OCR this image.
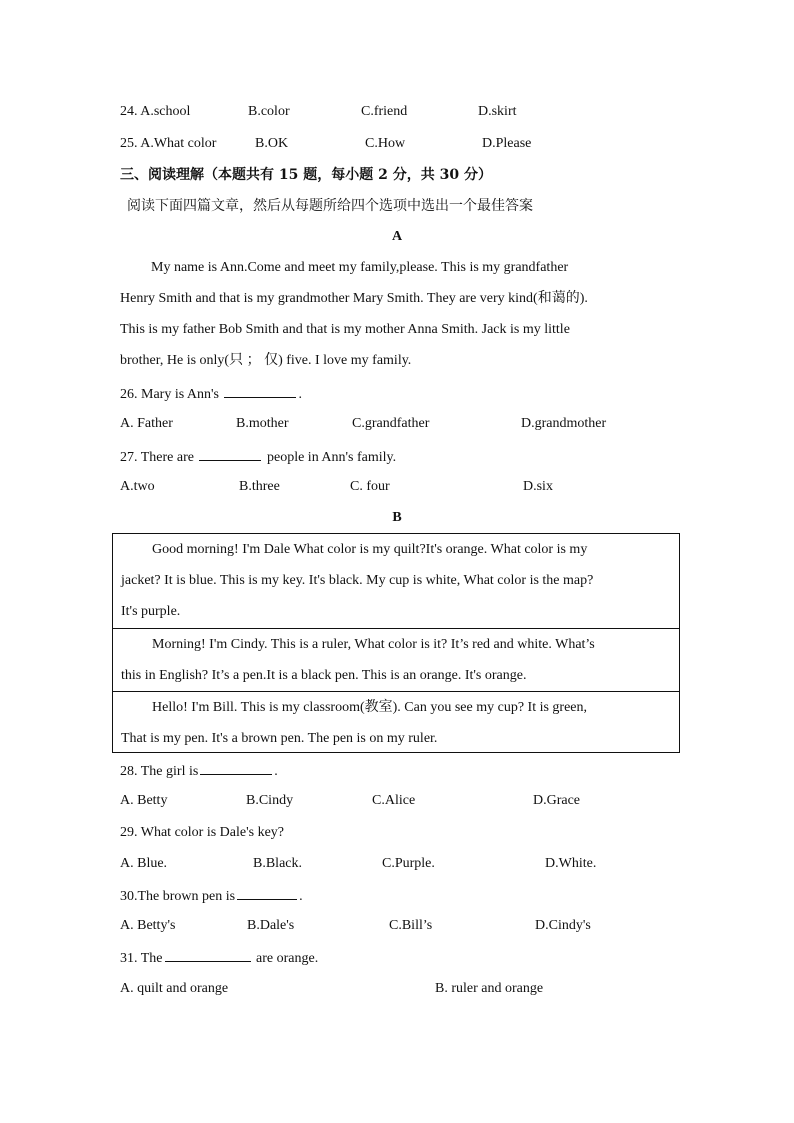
24. A.school	B.color	C.friend	D.skirt
25. A.What color	B.OK	C.How	D.Please
三、阅读理解（本题共有 15 题，每小题 2 分，共 30 分）
阅读下面四篇文章，然后从每题所给四个选项中选出一个最佳答案
A
My name is Ann.Come and meet my family,please. This is my grandfather
Henry Smith and that is my grandmother Mary Smith. They are very kind(和蔼的).
This is my father Bob Smith and that is my mother Anna Smith. Jack is my little
brother, He is only(只 ； 仅) five. I love my family.
26. Mary is Ann's	.
A. Father	B.mother	C.grandfather	D.grandmother
27. There are	people in Ann's family.
A.two	B.three	C. four	D.six
B
Good morning! I'm Dale What color is my quilt?It's orange. What color is my
jacket? It is blue. This is my key. It's black. My cup is white, What color is the map?
It's purple.
Morning! I'm Cindy. This is a ruler, What color is it? It’s red and white. What’s
this in English? It’s a pen.It is a black pen. This is an orange. It's orange.
Hello! I'm Bill. This is my classroom(教室). Can you see my cup? It is green,
That is my pen. It's a brown pen. The pen is on my ruler.
28. The girl is	.
A. Betty	B.Cindy	C.Alice	D.Grace
29. What color is Dale's key?
A. Blue.	B.Black.	C.Purple.	D.White.
30.The brown pen is	.
A. Betty's	B.Dale's	C.Bill’s	D.Cindy's
31. The	are orange.
A. quilt and orange	B. ruler and orange
